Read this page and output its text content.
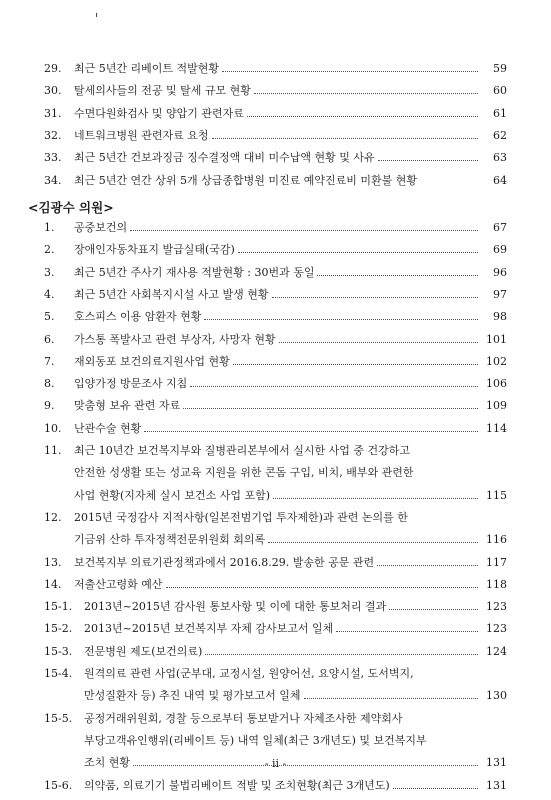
<김광수 의원>
29.	최근 5년간 리베이트 적발현황	59
30.	탈세의사들의 전공 및 탈세 규모 현황	60
31.	수면다원화검사 및 양압기 관련자료	61
32.	네트워크병원 관련자료 요청	62
33.	최근 5년간 건보과징금 징수결정액 대비 미수납액 현황 및 사유	63
34.	최근 5년간 연간 상위 5개 상급종합병원 미진료 예약진료비 미환불 현황	64
1.	공중보건의	67
2.	장애인자동차표지 발급실태(국감)	69
3.	최근 5년간 주사기 재사용 적발현황 : 30번과 동일	96
4.	최근 5년간 사회복지시설 사고 발생 현황	97
5.	호스피스 이용 암환자 현황	98
6.	가스통 폭발사고 관련 부상자, 사망자 현황	101
7.	재외동포 보건의료지원사업 현황	102
8.	입양가정 방문조사 지침	106
9.	맞춤형 보유 관련 자료	109
10.	난관수술 현황	114
11.	최근 10년간 보건복지부와 질병관리본부에서 실시한 사업 중 건강하고
안전한 성생활 또는 성교육 지원을 위한 콘돔 구입, 비치, 배부와 관련한
사업 현황(지자체 실시 보건소 사업 포함)	115
12.	2015년 국정감사 지적사항(일본전범기업 투자제한)과 관련 논의를 한
기금위 산하 투자정책전문위원회 회의록	116
13.	보건복지부 의료기관정책과에서 2016.8.29. 발송한 공문 관련	117
14.	저출산고령화 예산	118
15-1.	2013년~2015년 감사원 통보사항 및 이에 대한 통보처리 결과	123
15-2.	2013년~2015년 보건복지부 자체 감사보고서 일체	123
15-3.	전문병원 제도(보건의료)	124
15-4.	원격의료 관련 사업(군부대, 교정시설, 원양어선, 요양시설, 도서벽지,
만성질환자 등) 추진 내역 및 평가보고서 일체	130
15-5.	공정거래위원회, 경찰 등으로부터 통보받거나 자체조사한 제약회사
부당고객유인행위(리베이트 등) 내역 일체(최근 3개년도) 및 보건복지부
조치 현황	131
15-6.	의약품, 의료기기 불법리베이트 적발 및 조치현황(최근 3개년도)	131
- ii -
